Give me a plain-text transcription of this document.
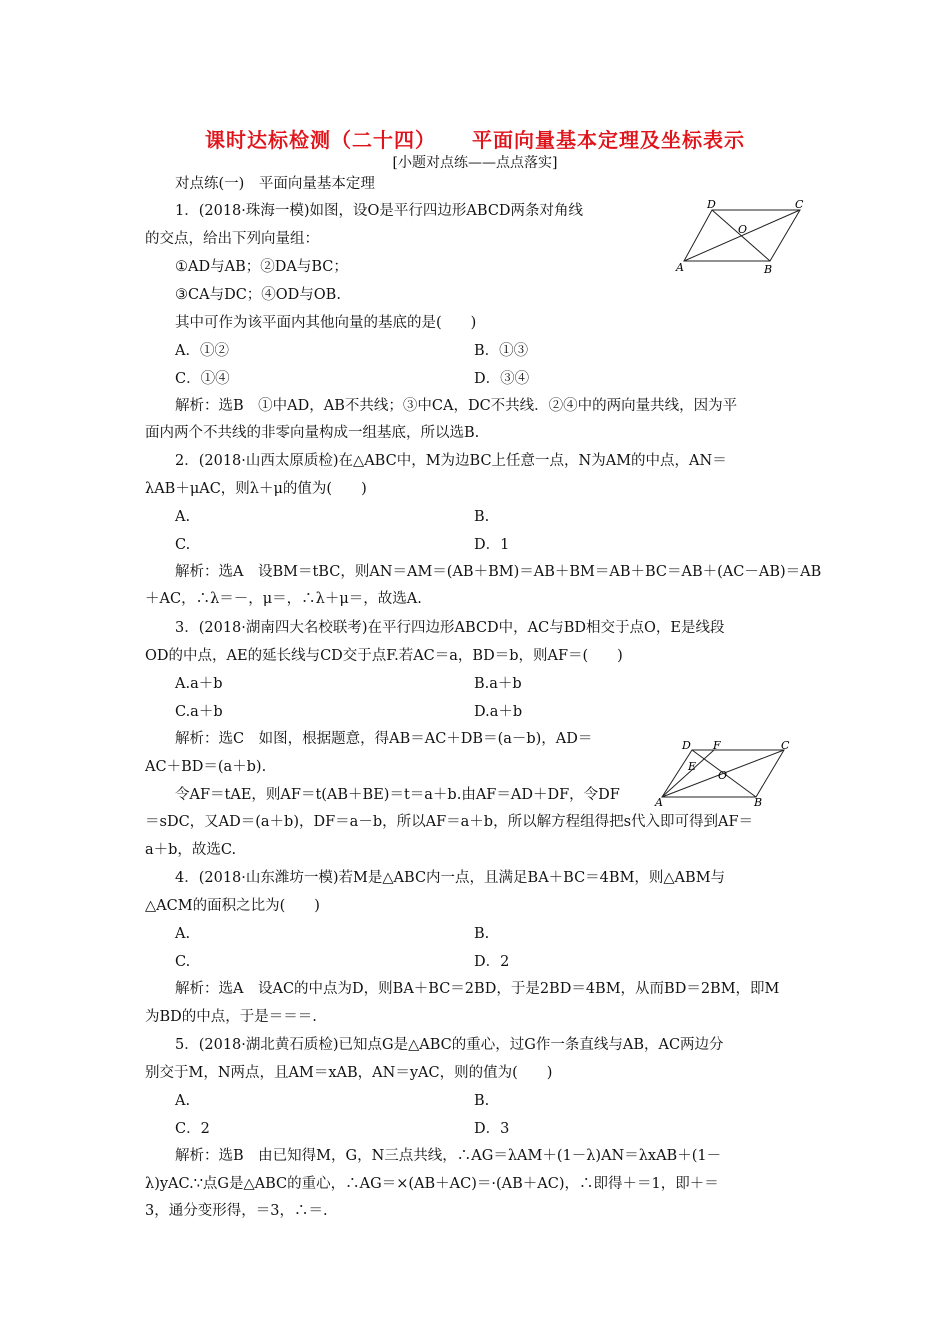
课时达标检测（二十四） 平面向量基本定理及坐标表示
[小题对点练——点点落实]
对点练(一)　平面向量基本定理
1．(2018·珠海一模)如图，设O是平行四边形ABCD两条对角线
的交点，给出下列向量组：
①AD与AB；②DA与BC；
③CA与DC；④OD与OB.
其中可作为该平面内其他向量的基底的是(　　)
A．①②	B．①③
C．①④	D．③④
解析：选B　①中AD，AB不共线；③中CA，DC不共线．②④中的两向量共线，因为平
面内两个不共线的非零向量构成一组基底，所以选B.
D	C
O
A	B
2．(2018·山西太原质检)在△ABC中，M为边BC上任意一点，N为AM的中点，AN＝
λAB＋μAC，则λ＋μ的值为(　　)
A.	B.
C.	D．1
解析：选A　设BM＝tBC，则AN＝AM＝(AB＋BM)＝AB＋BM＝AB＋BC＝AB＋(AC－AB)＝AB
＋AC，∴λ＝－，μ＝，∴λ＋μ＝，故选A.
3．(2018·湖南四大名校联考)在平行四边形ABCD中，AC与BD相交于点O，E是线段
OD的中点，AE的延长线与CD交于点F.若AC＝a，BD＝b，则AF＝(　　)
A.a＋b	B.a＋b
C.a＋b	D.a＋b
解析：选C　如图，根据题意，得AB＝AC＋DB＝(a－b)，AD＝
AC＋BD＝(a＋b).
令AF＝tAE，则AF＝t(AB＋BE)＝t＝a＋b.由AF＝AD＋DF，令DF
＝sDC，又AD＝(a＋b)，DF＝a－b，所以AF＝a＋b，所以解方程组得把s代入即可得到AF＝
a＋b，故选C.
D F	C
E
O
A	B
4．(2018·山东潍坊一模)若M是△ABC内一点，且满足BA＋BC＝4BM，则△ABM与
△ACM的面积之比为(　　)
A.	B.
C.	D．2
解析：选A　设AC的中点为D，则BA＋BC＝2BD，于是2BD＝4BM，从而BD＝2BM，即M
为BD的中点，于是＝＝＝.
5．(2018·湖北黄石质检)已知点G是△ABC的重心，过G作一条直线与AB，AC两边分
别交于M，N两点，且AM＝xAB，AN＝yAC，则的值为(　　)
A.	B.
C．2	D．3
解析：选B　由已知得M，G，N三点共线，∴AG＝λAM＋(1－λ)AN＝λxAB＋(1－
λ)yAC.∵点G是△ABC的重心，∴AG＝×(AB＋AC)＝·(AB＋AC)，∴即得＋＝1，即＋＝
3，通分变形得，＝3，∴＝.
